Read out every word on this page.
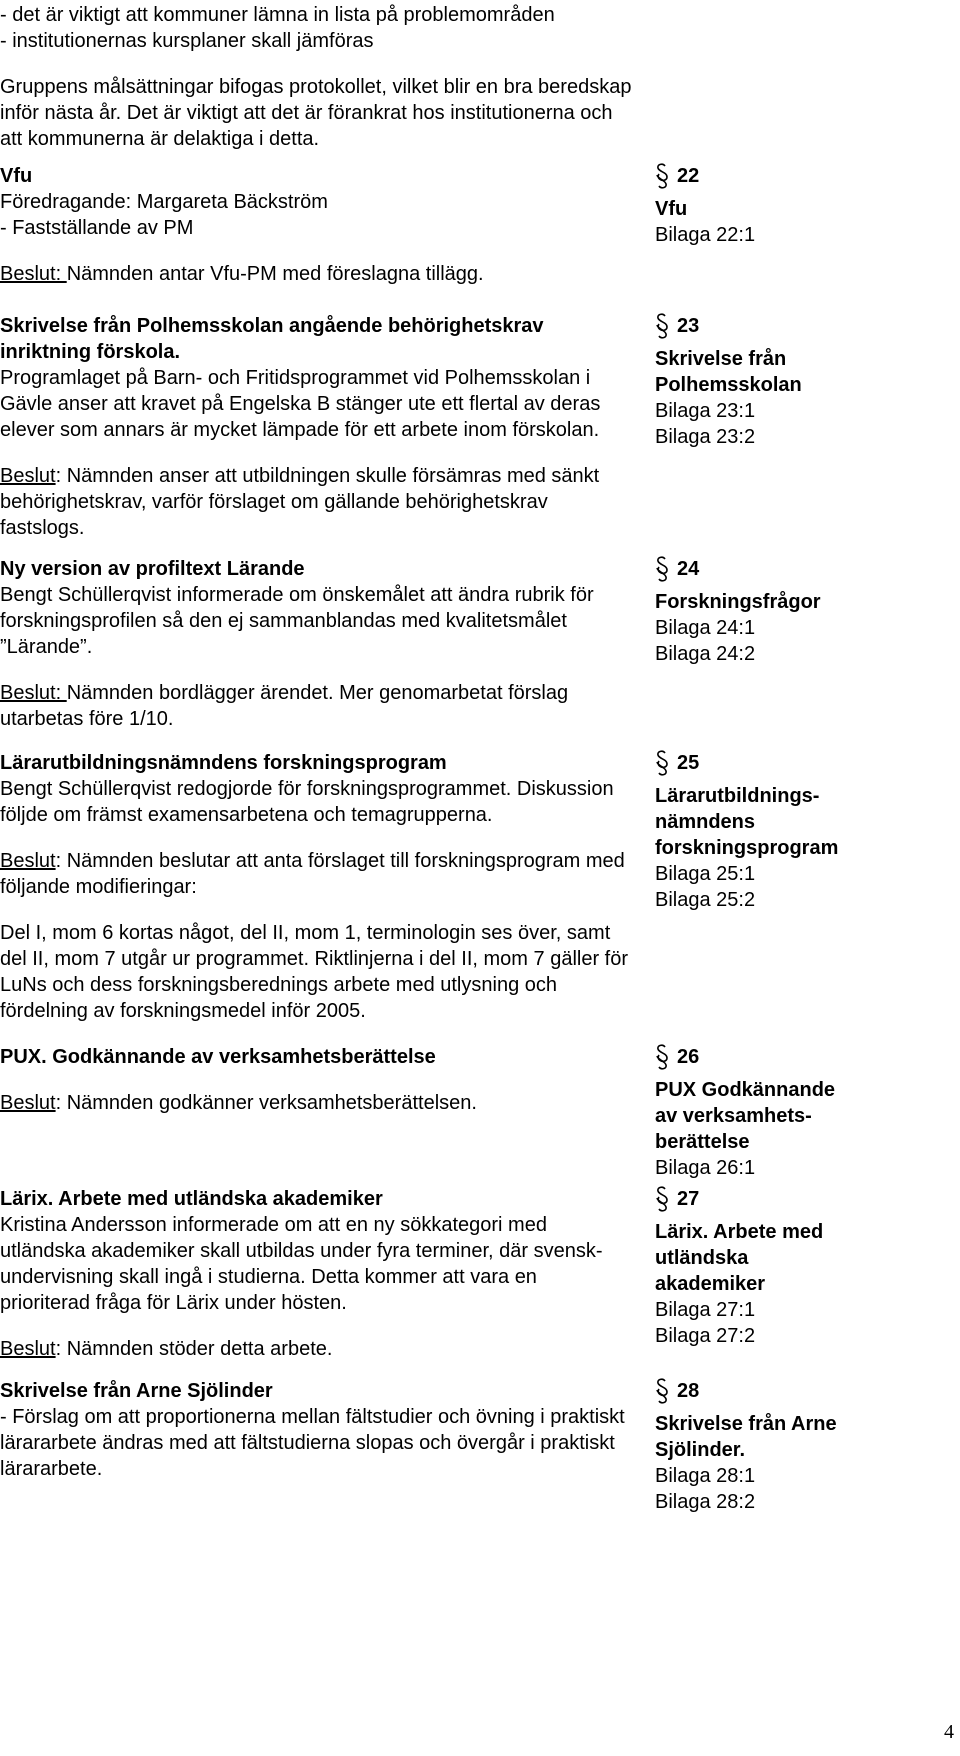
- det är viktigt att kommuner lämna in lista på problemområden
- institutionernas kursplaner skall jämföras
Gruppens målsättningar bifogas protokollet, vilket blir en bra beredskap
inför nästa år. Det är viktigt att det är förankrat hos institutionerna och
att kommunerna är delaktiga i detta.
Vfu
Föredragande: Margareta Bäckström
- Fastställande av PM
Beslut: Nämnden antar Vfu-PM med föreslagna tillägg.
22
Vfu
Bilaga 22:1
Skrivelse från Polhemsskolan angående behörighetskrav
inriktning förskola.
Programlaget på Barn- och Fritidsprogrammet vid Polhemsskolan i
Gävle anser att kravet på Engelska B stänger ute ett flertal av deras
elever som annars är mycket lämpade för ett arbete inom förskolan.
Beslut: Nämnden anser att utbildningen skulle försämras med sänkt
behörighetskrav, varför förslaget om gällande behörighetskrav
fastslogs.
23
Skrivelse från
Polhemsskolan
Bilaga 23:1
Bilaga 23:2
Ny version av profiltext Lärande
Bengt Schüllerqvist informerade om önskemålet att ändra rubrik för
forskningsprofilen så den ej sammanblandas med kvalitetsmålet
”Lärande”.
Beslut: Nämnden bordlägger ärendet. Mer genomarbetat förslag
utarbetas före 1/10.
24
Forskningsfrågor
Bilaga 24:1
Bilaga 24:2
Lärarutbildningsnämndens forskningsprogram
Bengt Schüllerqvist redogjorde för forskningsprogrammet. Diskussion
följde om främst examensarbetena och temagrupperna.
Beslut: Nämnden beslutar att anta förslaget till forskningsprogram med
följande modifieringar:
Del I, mom 6 kortas något, del II, mom 1, terminologin ses över, samt
del II, mom 7 utgår ur programmet. Riktlinjerna i del II, mom 7 gäller för
LuNs och dess forskningsberednings arbete med utlysning och
fördelning av forskningsmedel inför 2005.
25
Lärarutbildnings-
nämndens
forskningsprogram
Bilaga 25:1
Bilaga 25:2
PUX. Godkännande av verksamhetsberättelse
Beslut: Nämnden godkänner verksamhetsberättelsen.
26
PUX Godkännande
av verksamhets-
berättelse
Bilaga 26:1
Lärix. Arbete med utländska akademiker
Kristina Andersson informerade om att en ny sökkategori med
utländska akademiker skall utbildas under fyra terminer, där svensk-
undervisning skall ingå i studierna. Detta kommer att vara en
prioriterad fråga för Lärix under hösten.
Beslut: Nämnden stöder detta arbete.
27
Lärix. Arbete med
utländska
akademiker
Bilaga 27:1
Bilaga 27:2
Skrivelse från Arne Sjölinder
- Förslag om att proportionerna mellan fältstudier och övning i praktiskt
lärararbete ändras med att fältstudierna slopas och övergår i praktiskt
lärararbete.
28
Skrivelse från Arne
Sjölinder.
Bilaga 28:1
Bilaga 28:2
4
